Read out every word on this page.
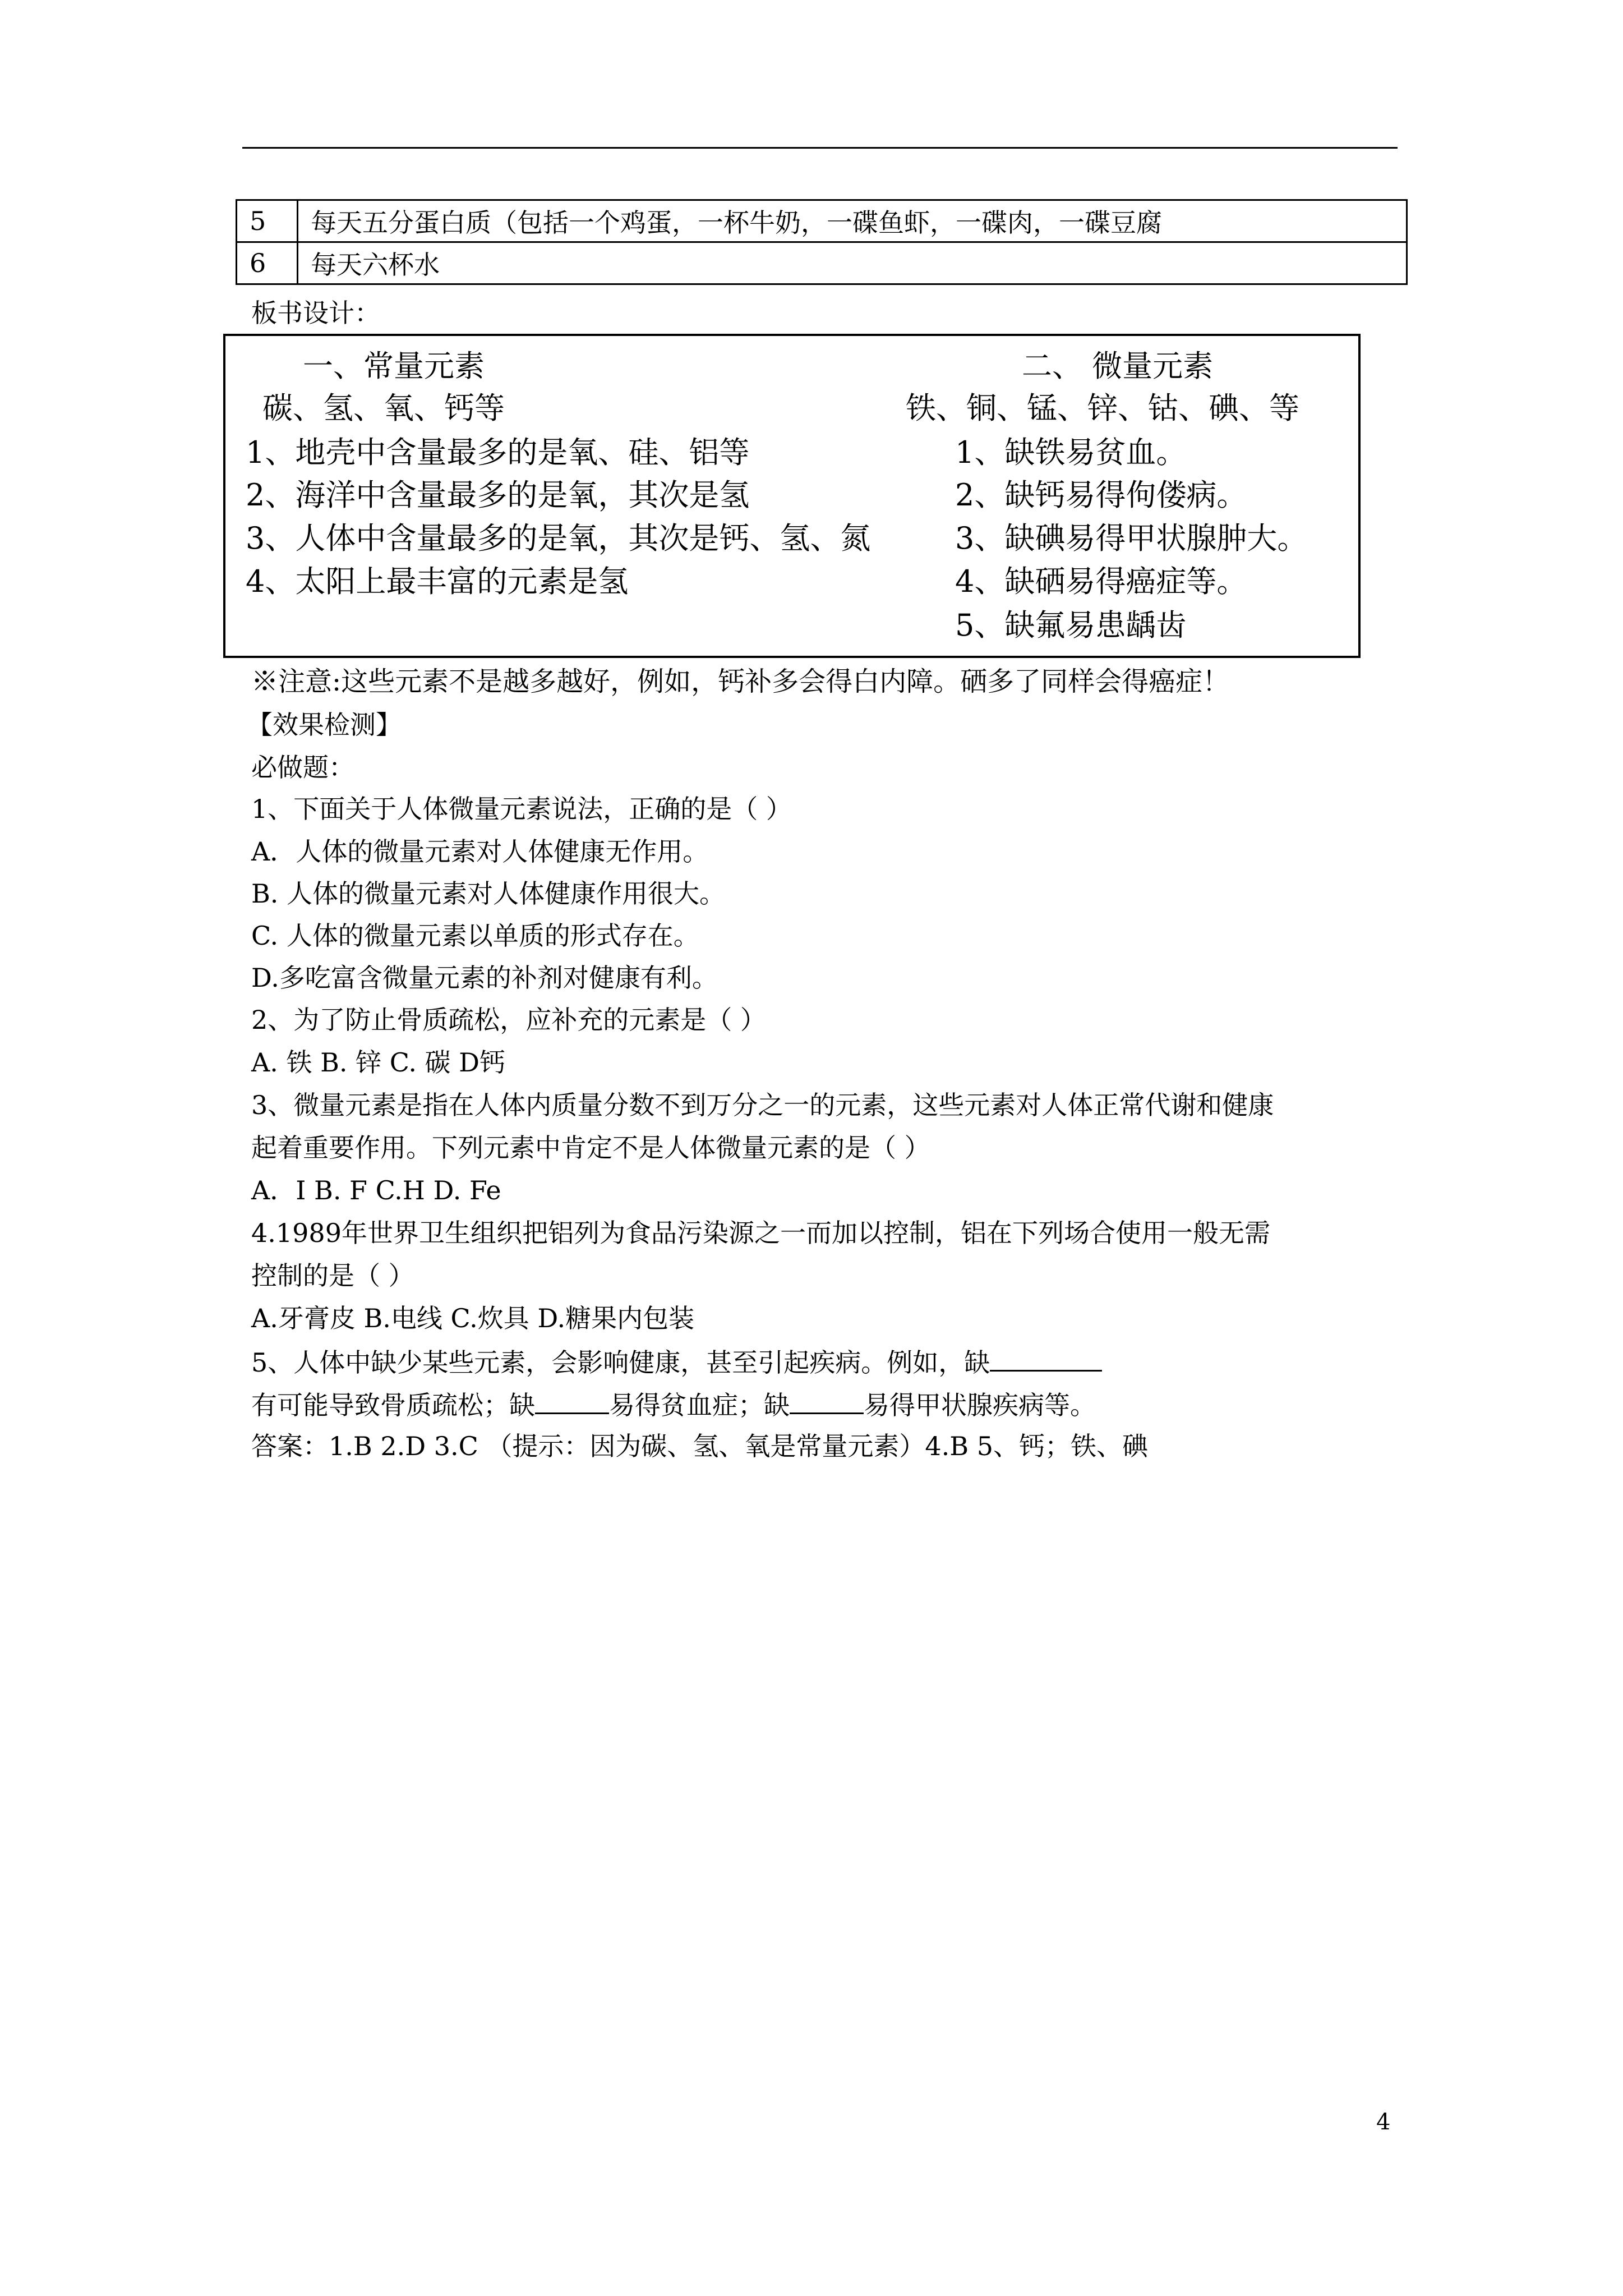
5	每天五分蛋白质（包括一个鸡蛋，一杯牛奶，一碟鱼虾，一碟肉，一碟豆腐
6	每天六杯水
板书设计：
一、常量元素
碳、氢、氧、钙等
1、地壳中含量最多的是氧、硅、铝等
2、海洋中含量最多的是氧，其次是氢
3、人体中含量最多的是氧，其次是钙、氢、氮
4、太阳上最丰富的元素是氢
二、 微量元素
铁、铜、锰、锌、钴、碘、等
1、缺铁易贫血。
2、缺钙易得佝偻病。
3、缺碘易得甲状腺肿大。
4、缺硒易得癌症等。
5、缺氟易患龋齿
※注意:这些元素不是越多越好，例如，钙补多会得白内障。硒多了同样会得癌症！
【效果检测】
必做题：
1、下面关于人体微量元素说法，正确的是（ ）
A．人体的微量元素对人体健康无作用。
B. 人体的微量元素对人体健康作用很大。
C. 人体的微量元素以单质的形式存在。
D.多吃富含微量元素的补剂对健康有利。
2、为了防止骨质疏松，应补充的元素是（ ）
A. 铁 B. 锌 C. 碳 D钙
3、微量元素是指在人体内质量分数不到万分之一的元素，这些元素对人体正常代谢和健康
起着重要作用。下列元素中肯定不是人体微量元素的是（ ）
A．I B. F C.H D. Fe
4.1989年世界卫生组织把铝列为食品污染源之一而加以控制，铝在下列场合使用一般无需
控制的是（ ）
A.牙膏皮 B.电线 C.炊具 D.糖果内包装
5、人体中缺少某些元素，会影响健康，甚至引起疾病。例如，缺
有可能导致骨质疏松；缺	易得贫血症；缺	易得甲状腺疾病等。
答案：1.B 2.D 3.C （提示：因为碳、氢、氧是常量元素）4.B 5、钙；铁、碘
4
